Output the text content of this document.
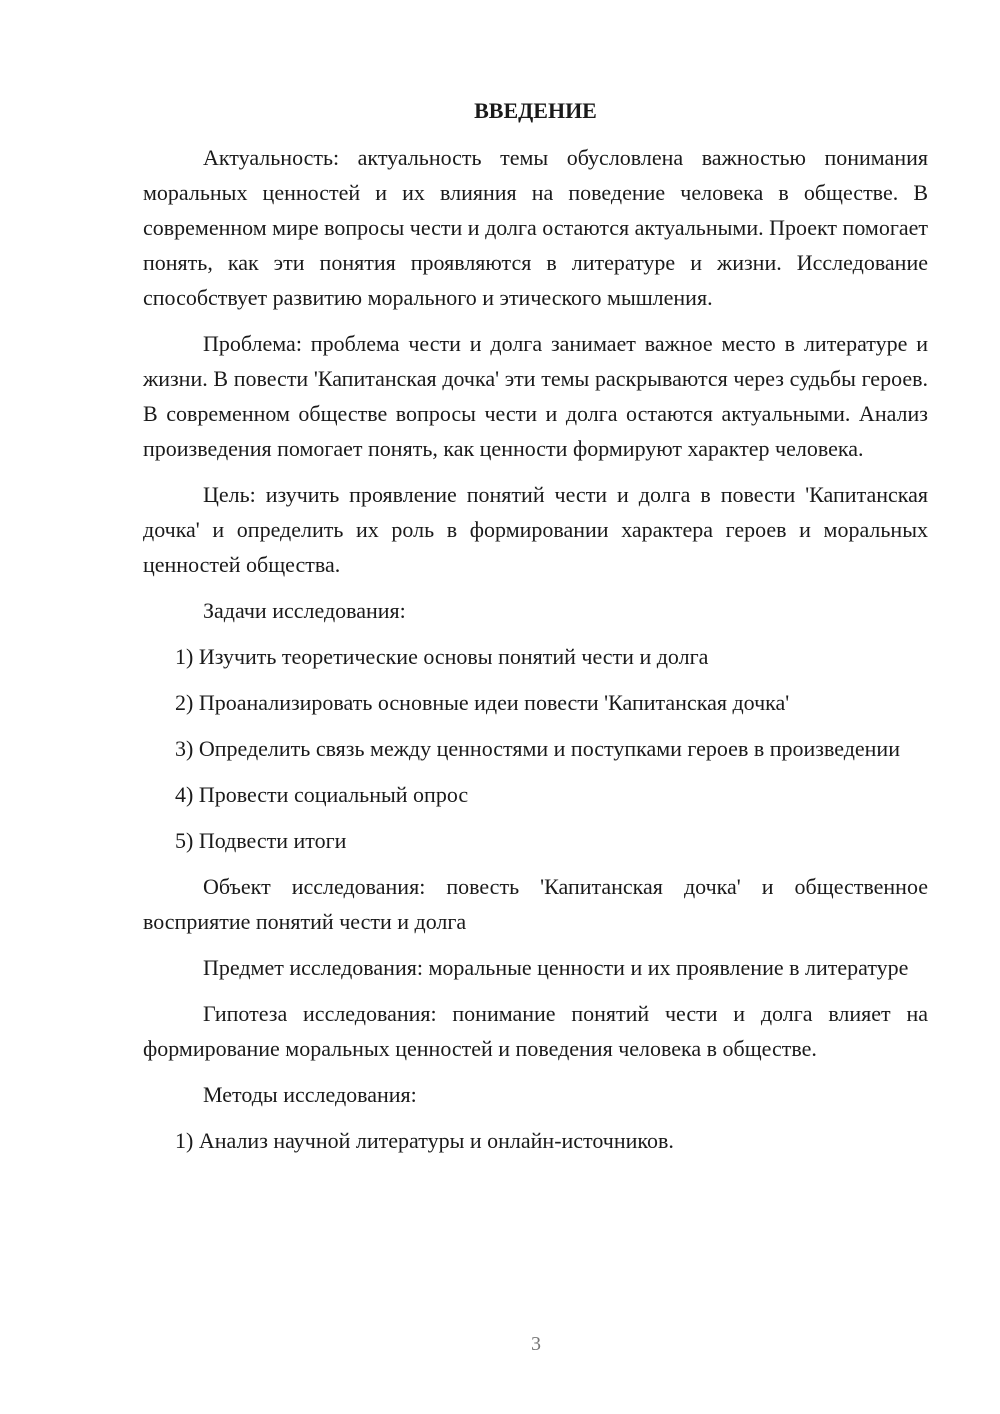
ВВЕДЕНИЕ

Актуальность: актуальность темы обусловлена важностью понимания моральных ценностей и их влияния на поведение человека в обществе. В современном мире вопросы чести и долга остаются актуальными. Проект помогает понять, как эти понятия проявляются в литературе и жизни. Исследование способствует развитию морального и этического мышления.

Проблема: проблема чести и долга занимает важное место в литературе и жизни. В повести 'Капитанская дочка' эти темы раскрываются через судьбы героев. В современном обществе вопросы чести и долга остаются актуальными. Анализ произведения помогает понять, как ценности формируют характер человека.

Цель: изучить проявление понятий чести и долга в повести 'Капитанская дочка' и определить их роль в формировании характера героев и моральных ценностей общества.

Задачи исследования:

1) Изучить теоретические основы понятий чести и долга

2) Проанализировать основные идеи повести 'Капитанская дочка'

3) Определить связь между ценностями и поступками героев в произведении

4) Провести социальный опрос

5) Подвести итоги

Объект исследования: повесть 'Капитанская дочка' и общественное восприятие понятий чести и долга

Предмет исследования: моральные ценности и их проявление в литературе

Гипотеза исследования: понимание понятий чести и долга влияет на формирование моральных ценностей и поведения человека в обществе.

Методы исследования:

1) Анализ научной литературы и онлайн-источников.

3
